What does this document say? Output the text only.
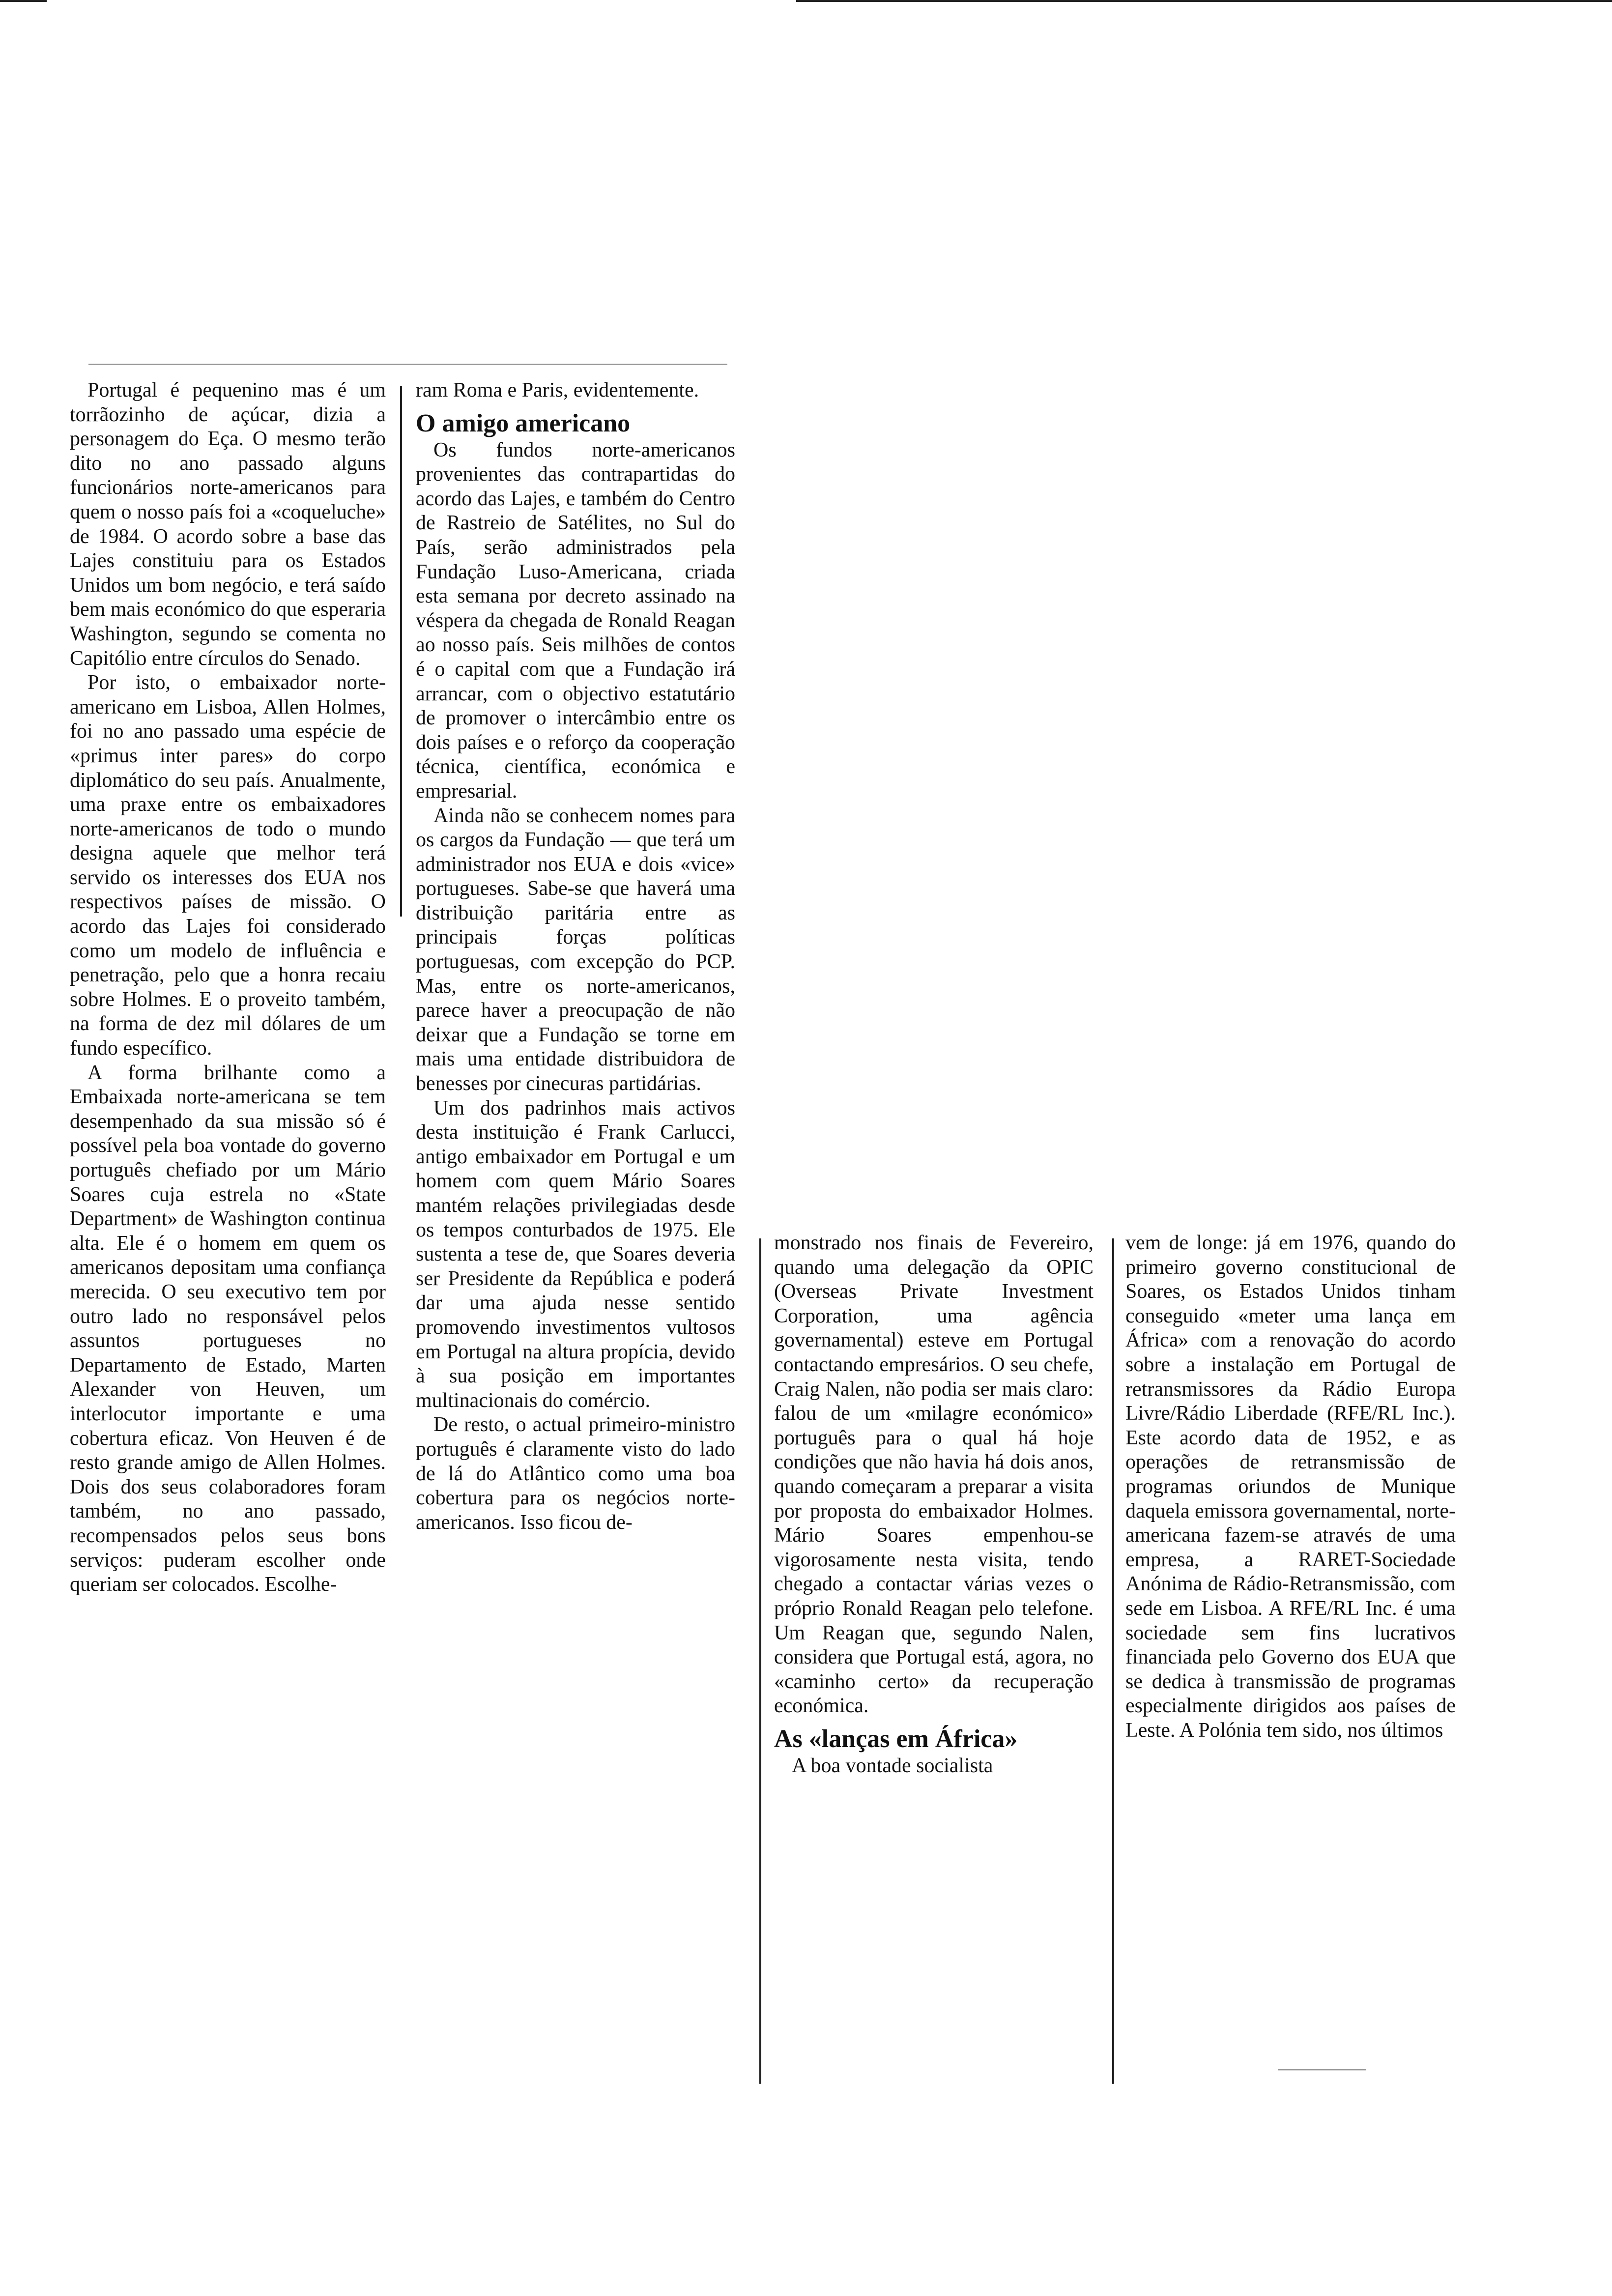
Portugal é pequenino mas é um torrãozinho de açúcar, dizia a personagem do Eça. O mesmo terão dito no ano passado alguns funcionários norte-americanos para quem o nosso país foi a «coqueluche» de 1984. O acordo sobre a base das Lajes constituiu para os Estados Unidos um bom negócio, e terá saído bem mais económico do que esperaria Washington, segundo se comenta no Capitólio entre círculos do Senado.

Por isto, o embaixador norte-americano em Lisboa, Allen Holmes, foi no ano passado uma espécie de «primus inter pares» do corpo diplomático do seu país. Anualmente, uma praxe entre os embaixadores norte-americanos de todo o mundo designa aquele que melhor terá servido os interesses dos EUA nos respectivos países de missão. O acordo das Lajes foi considerado como um modelo de influência e penetração, pelo que a honra recaiu sobre Holmes. E o proveito também, na forma de dez mil dólares de um fundo específico.

A forma brilhante como a Embaixada norte-americana se tem desempenhado da sua missão só é possível pela boa vontade do governo português chefiado por um Mário Soares cuja estrela no «State Department» de Washington continua alta. Ele é o homem em quem os americanos depositam uma confiança merecida. O seu executivo tem por outro lado no responsável pelos assuntos portugueses no Departamento de Estado, Marten Alexander von Heuven, um interlocutor importante e uma cobertura eficaz. Von Heuven é de resto grande amigo de Allen Holmes. Dois dos seus colaboradores foram também, no ano passado, recompensados pelos seus bons serviços: puderam escolher onde queriam ser colocados. Escolhe-

ram Roma e Paris, evidentemente.

O amigo americano

Os fundos norte-americanos provenientes das contrapartidas do acordo das Lajes, e também do Centro de Rastreio de Satélites, no Sul do País, serão administrados pela Fundação Luso-Americana, criada esta semana por decreto assinado na véspera da chegada de Ronald Reagan ao nosso país. Seis milhões de contos é o capital com que a Fundação irá arrancar, com o objectivo estatutário de promover o intercâmbio entre os dois países e o reforço da cooperação técnica, científica, económica e empresarial.

Ainda não se conhecem nomes para os cargos da Fundação — que terá um administrador nos EUA e dois «vice» portugueses. Sabe-se que haverá uma distribuição paritária entre as principais forças políticas portuguesas, com excepção do PCP. Mas, entre os norte-americanos, parece haver a preocupação de não deixar que a Fundação se torne em mais uma entidade distribuidora de benesses por cinecuras partidárias.

Um dos padrinhos mais activos desta instituição é Frank Carlucci, antigo embaixador em Portugal e um homem com quem Mário Soares mantém relações privilegiadas desde os tempos conturbados de 1975. Ele sustenta a tese de, que Soares deveria ser Presidente da República e poderá dar uma ajuda nesse sentido promovendo investimentos vultosos em Portugal na altura propícia, devido à sua posição em importantes multinacionais do comércio.

De resto, o actual primeiro-ministro português é claramente visto do lado de lá do Atlântico como uma boa cobertura para os negócios norte-americanos. Isso ficou de-

monstrado nos finais de Fevereiro, quando uma delegação da OPIC (Overseas Private Investment Corporation, uma agência governamental) esteve em Portugal contactando empresários. O seu chefe, Craig Nalen, não podia ser mais claro: falou de um «milagre económico» português para o qual há hoje condições que não havia há dois anos, quando começaram a preparar a visita por proposta do embaixador Holmes. Mário Soares empenhou-se vigorosamente nesta visita, tendo chegado a contactar várias vezes o próprio Ronald Reagan pelo telefone. Um Reagan que, segundo Nalen, considera que Portugal está, agora, no «caminho certo» da recuperação económica.

As «lanças em África»

A boa vontade socialista

vem de longe: já em 1976, quando do primeiro governo constitucional de Soares, os Estados Unidos tinham conseguido «meter uma lança em África» com a renovação do acordo sobre a instalação em Portugal de retransmissores da Rádio Europa Livre/Rádio Liberdade (RFE/RL Inc.). Este acordo data de 1952, e as operações de retransmissão de programas oriundos de Munique daquela emissora governamental, norte-americana fazem-se através de uma empresa, a RARET-Sociedade Anónima de Rádio-Retransmissão, com sede em Lisboa. A RFE/RL Inc. é uma sociedade sem fins lucrativos financiada pelo Governo dos EUA que se dedica à transmissão de programas especialmente dirigidos aos países de Leste. A Polónia tem sido, nos últimos
